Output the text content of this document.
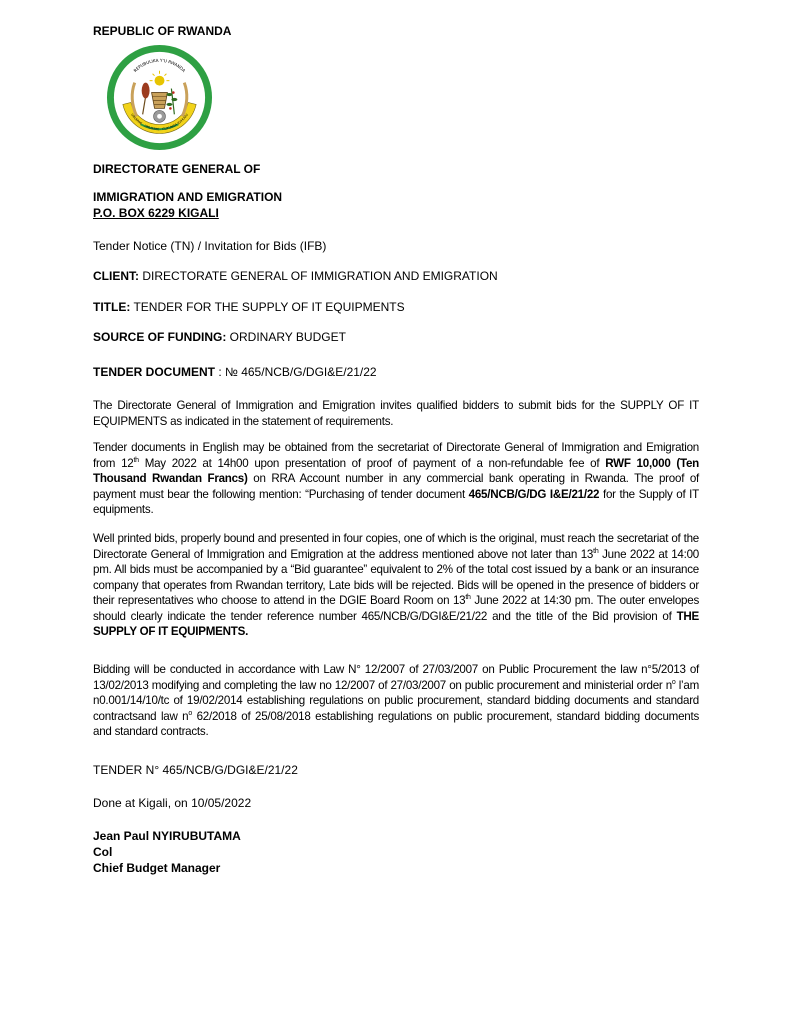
REPUBLIC OF RWANDA
REPUBULIKA Y'U RWANDA
UBUMWE - UMURIMO - GUKUNDA IGIHUGU
DIRECTORATE GENERAL OF
IMMIGRATION AND EMIGRATION
P.O. BOX 6229 KIGALI
Tender Notice (TN) / Invitation for Bids (IFB)
CLIENT: DIRECTORATE GENERAL OF IMMIGRATION AND EMIGRATION
TITLE: TENDER FOR THE SUPPLY OF IT EQUIPMENTS
SOURCE OF FUNDING: ORDINARY BUDGET
TENDER DOCUMENT : № 465/NCB/G/DGI&E/21/22

The Directorate General of Immigration and Emigration invites qualified bidders to submit bids for the SUPPLY OF IT EQUIPMENTS as indicated in the statement of requirements.

Tender documents in English may be obtained from the secretariat of Directorate General of Immigration and Emigration from 12th May 2022 at 14h00 upon presentation of proof of payment of a non-refundable fee of RWF 10,000 (Ten Thousand Rwandan Francs) on RRA Account number in any commercial bank operating in Rwanda. The proof of payment must bear the following mention: “Purchasing of tender document 465/NCB/G/DG I&E/21/22 for the Supply of IT equipments.

Well printed bids, properly bound and presented in four copies, one of which is the original, must reach the secretariat of the Directorate General of Immigration and Emigration at the address mentioned above not later than 13th June 2022 at 14:00 pm. All bids must be accompanied by a “Bid guarantee” equivalent to 2% of the total cost issued by a bank or an insurance company that operates from Rwandan territory, Late bids will be rejected. Bids will be opened in the presence of bidders or their representatives who choose to attend in the DGIE Board Room on 13th June 2022 at 14:30 pm. The outer envelopes should clearly indicate the tender reference number 465/NCB/G/DGI&E/21/22 and the title of the Bid provision of THE SUPPLY OF IT EQUIPMENTS.

Bidding will be conducted in accordance with Law N° 12/2007 of 27/03/2007 on Public Procurement the law n°5/2013 of 13/02/2013 modifying and completing the law no 12/2007 of 27/03/2007 on public procurement and ministerial order $n^o$ l’am n0.001/14/10/tc of 19/02/2014 establishing regulations on public procurement, standard bidding documents and standard contractsand law $n^o$ 62/2018 of 25/08/2018 establishing regulations on public procurement, standard bidding documents and standard contracts.

TENDER N° 465/NCB/G/DGI&E/21/22
Done at Kigali, on 10/05/2022
Jean Paul NYIRUBUTAMA
Col
Chief Budget Manager
